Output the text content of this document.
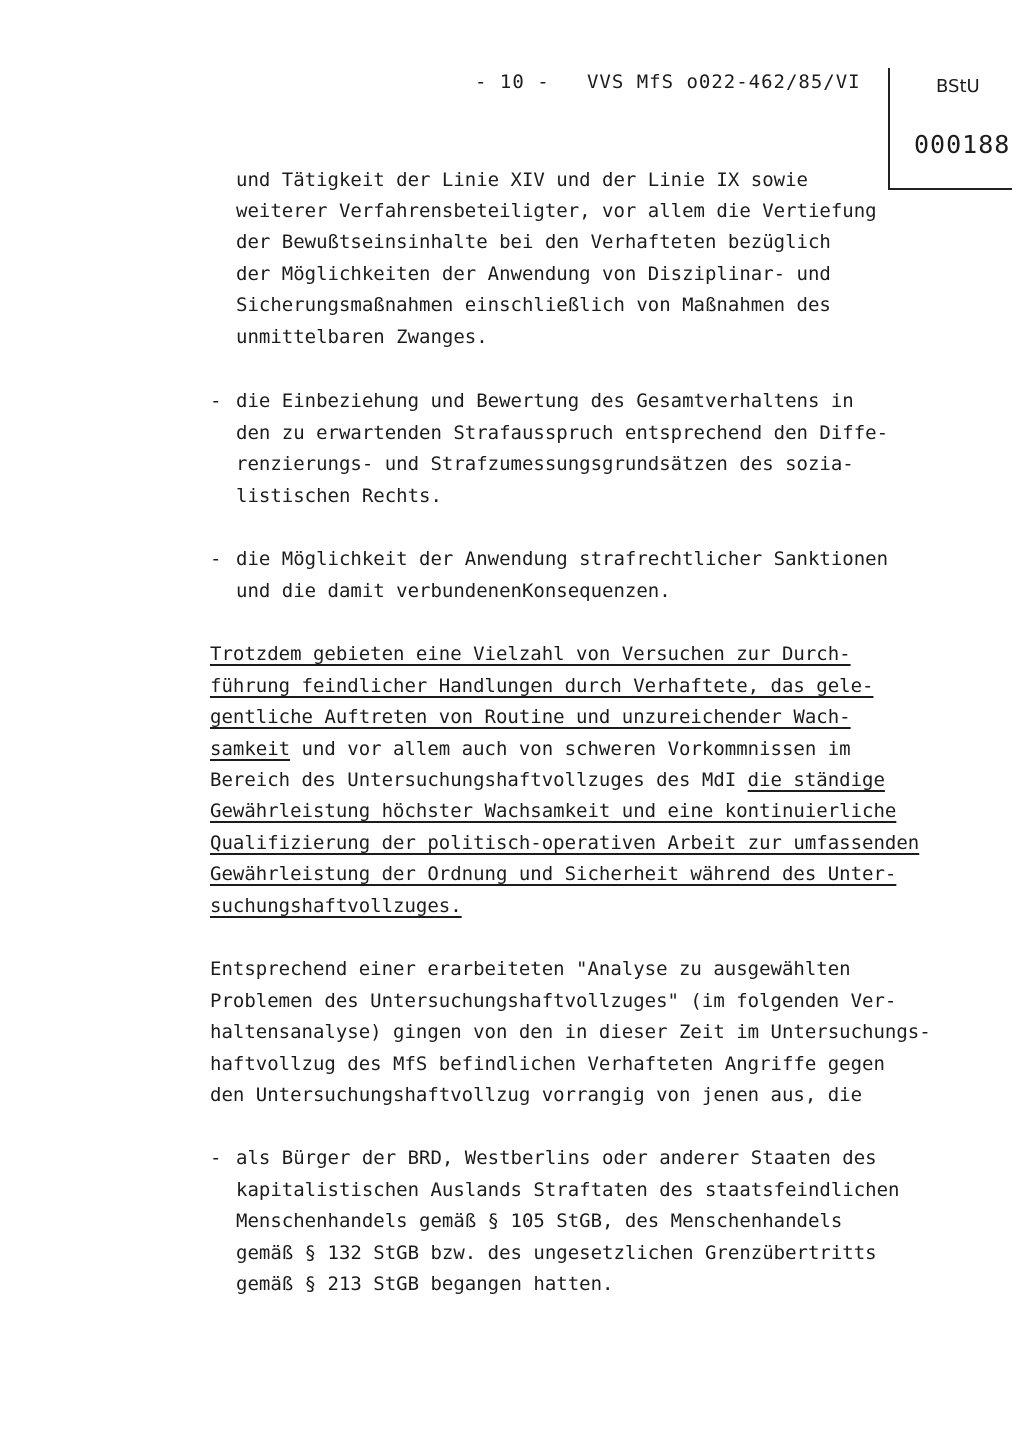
- 10 -   VVS MfS o022-462/85/VI	BStU
000188
und Tätigkeit der Linie XIV und der Linie IX sowie
weiterer Verfahrensbeteiligter, vor allem die Vertiefung
der Bewußtseinsinhalte bei den Verhafteten bezüglich
der Möglichkeiten der Anwendung von Disziplinar- und
Sicherungsmaßnahmen einschließlich von Maßnahmen des
unmittelbaren Zwanges.
- die Einbeziehung und Bewertung des Gesamtverhaltens in
den zu erwartenden Strafausspruch entsprechend den Diffe-
renzierungs- und Strafzumessungsgrundsätzen des sozia-
listischen Rechts.
- die Möglichkeit der Anwendung strafrechtlicher Sanktionen
und die damit verbundenenKonsequenzen.
Trotzdem gebieten eine Vielzahl von Versuchen zur Durch-
führung feindlicher Handlungen durch Verhaftete, das gele-
gentliche Auftreten von Routine und unzureichender Wach-
samkeit und vor allem auch von schweren Vorkommnissen im
Bereich des Untersuchungshaftvollzuges des MdI die ständige
Gewährleistung höchster Wachsamkeit und eine kontinuierliche
Qualifizierung der politisch-operativen Arbeit zur umfassenden
Gewährleistung der Ordnung und Sicherheit während des Unter-
suchungshaftvollzuges.
Entsprechend einer erarbeiteten "Analyse zu ausgewählten
Problemen des Untersuchungshaftvollzuges" (im folgenden Ver-
haltensanalyse) gingen von den in dieser Zeit im Untersuchungs-
haftvollzug des MfS befindlichen Verhafteten Angriffe gegen
den Untersuchungshaftvollzug vorrangig von jenen aus, die
- als Bürger der BRD, Westberlins oder anderer Staaten des
kapitalistischen Auslands Straftaten des staatsfeindlichen
Menschenhandels gemäß § 105 StGB, des Menschenhandels
gemäß § 132 StGB bzw. des ungesetzlichen Grenzübertritts
gemäß § 213 StGB begangen hatten.
